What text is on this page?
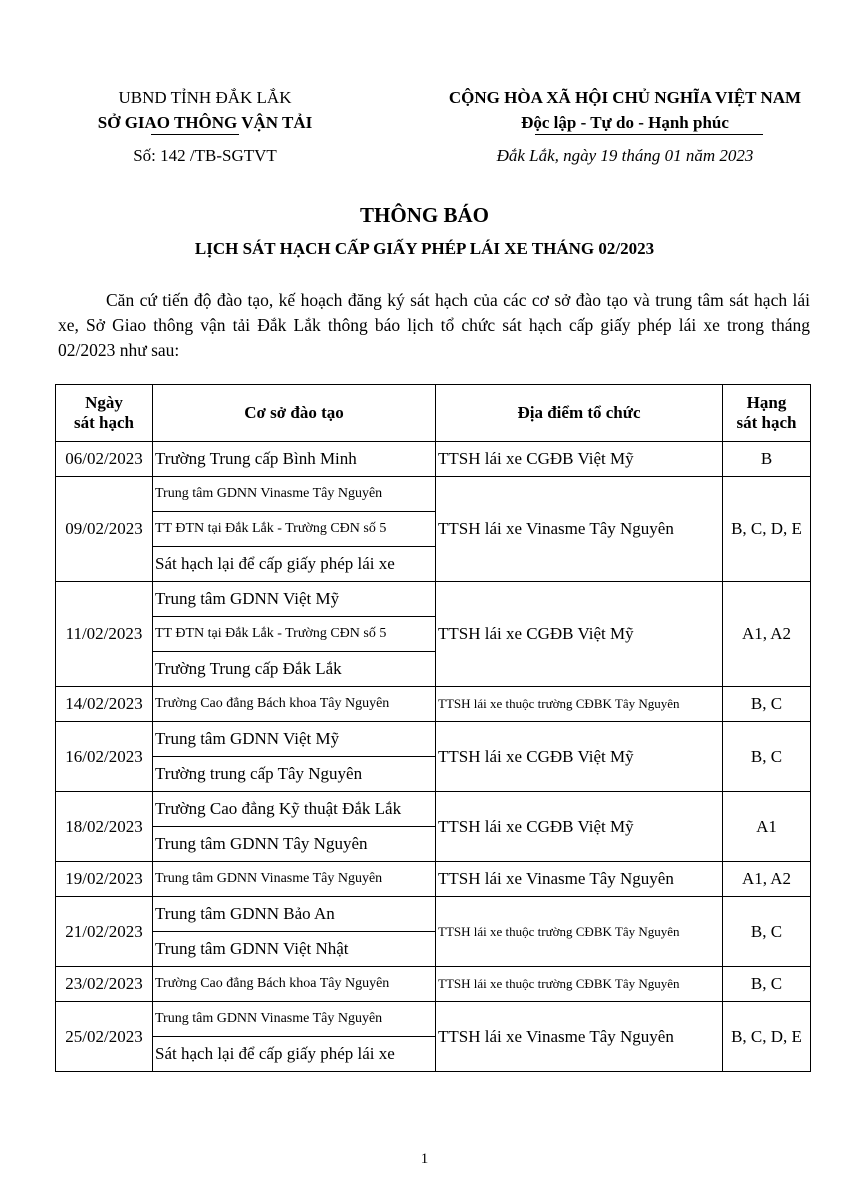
UBND TỈNH ĐẮK LẮK
SỞ GIAO THÔNG VẬN TẢI
Số: 142 /TB-SGTVT
CỘNG HÒA XÃ HỘI CHỦ NGHĨA VIỆT NAM
Độc lập - Tự do - Hạnh phúc
Đắk Lắk, ngày 19 tháng 01 năm 2023
THÔNG BÁO
LỊCH SÁT HẠCH CẤP GIẤY PHÉP LÁI XE THÁNG 02/2023
Căn cứ tiến độ đào tạo, kế hoạch đăng ký sát hạch của các cơ sở đào tạo và trung tâm sát hạch lái xe, Sở Giao thông vận tải Đắk Lắk thông báo lịch tổ chức sát hạch cấp giấy phép lái xe trong tháng 02/2023 như sau:
Ngày
sát hạch	Cơ sở đào tạo	Địa điểm tổ chức	Hạng
sát hạch
06/02/2023	Trường Trung cấp Bình Minh	TTSH lái xe CGĐB Việt Mỹ	B
09/02/2023	Trung tâm GDNN Vinasme Tây Nguyên	TTSH lái xe Vinasme Tây Nguyên	B, C, D, E
	TT ĐTN tại Đắk Lắk - Trường CĐN số 5		
	Sát hạch lại để cấp giấy phép lái xe		
11/02/2023	Trung tâm GDNN Việt Mỹ	TTSH lái xe CGĐB Việt Mỹ	A1, A2
	TT ĐTN tại Đắk Lắk - Trường CĐN số 5		
	Trường Trung cấp Đắk Lắk		
14/02/2023	Trường Cao đẳng Bách khoa Tây Nguyên	TTSH lái xe thuộc trường CĐBK Tây Nguyên	B, C
16/02/2023	Trung tâm GDNN Việt Mỹ	TTSH lái xe CGĐB Việt Mỹ	B, C
	Trường trung cấp Tây Nguyên		
18/02/2023	Trường Cao đẳng Kỹ thuật Đắk Lắk	TTSH lái xe CGĐB Việt Mỹ	A1
	Trung tâm GDNN Tây Nguyên		
19/02/2023	Trung tâm GDNN Vinasme Tây Nguyên	TTSH lái xe Vinasme Tây Nguyên	A1, A2
21/02/2023	Trung tâm GDNN Bảo An	TTSH lái xe thuộc trường CĐBK Tây Nguyên	B, C
	Trung tâm GDNN Việt Nhật		
23/02/2023	Trường Cao đẳng Bách khoa Tây Nguyên	TTSH lái xe thuộc trường CĐBK Tây Nguyên	B, C
25/02/2023	Trung tâm GDNN Vinasme Tây Nguyên	TTSH lái xe Vinasme Tây Nguyên	B, C, D, E
	Sát hạch lại để cấp giấy phép lái xe		
1
